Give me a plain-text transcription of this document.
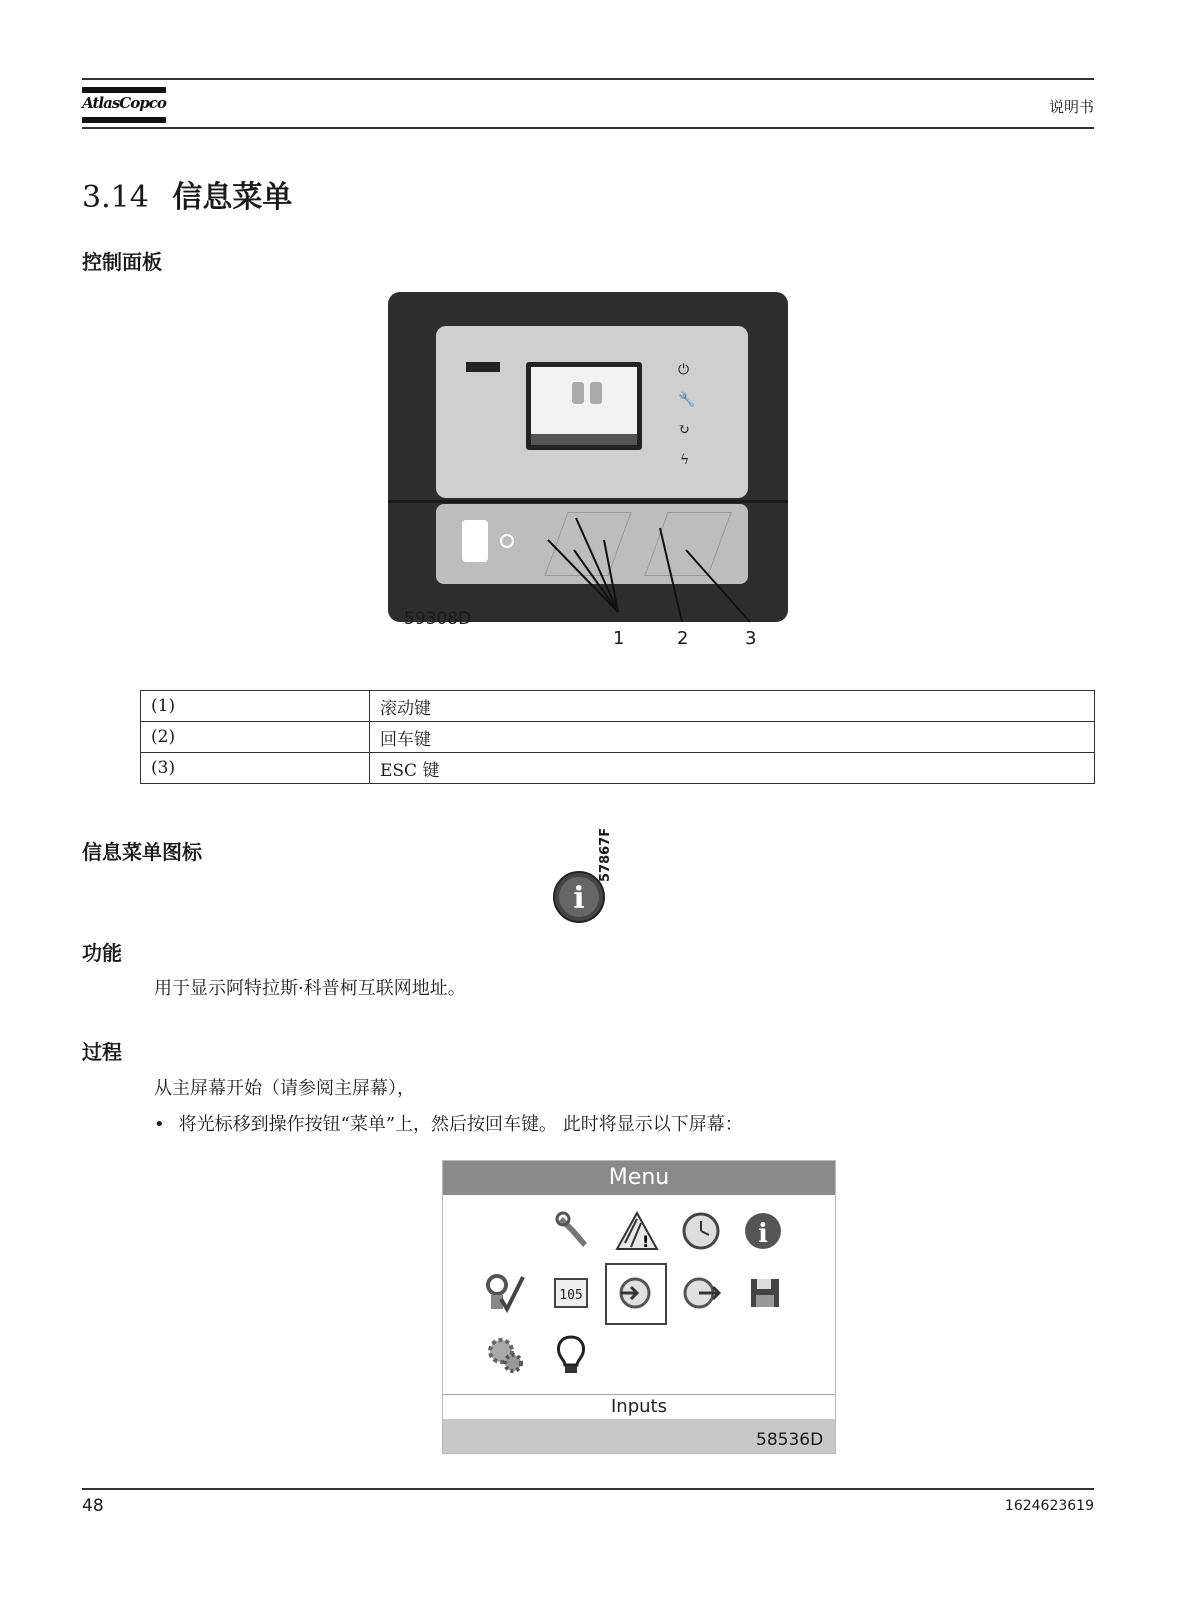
AtlasCopco	说明书
3.14 信息菜单
控制面板
⏻
🔧
↻
ϟ
59308D
1	2	3
(1)	滚动键
(2)	回车键
(3)	ESC 键
信息菜单图标
i
57867F
功能
用于显示阿特拉斯·科普柯互联网地址。
过程
从主屏幕开始（请参阅主屏幕），
• 将光标移到操作按钮“菜单”上，然后按回车键。 此时将显示以下屏幕：
Menu
!	i
105
Inputs
58536D
48	1624623619
